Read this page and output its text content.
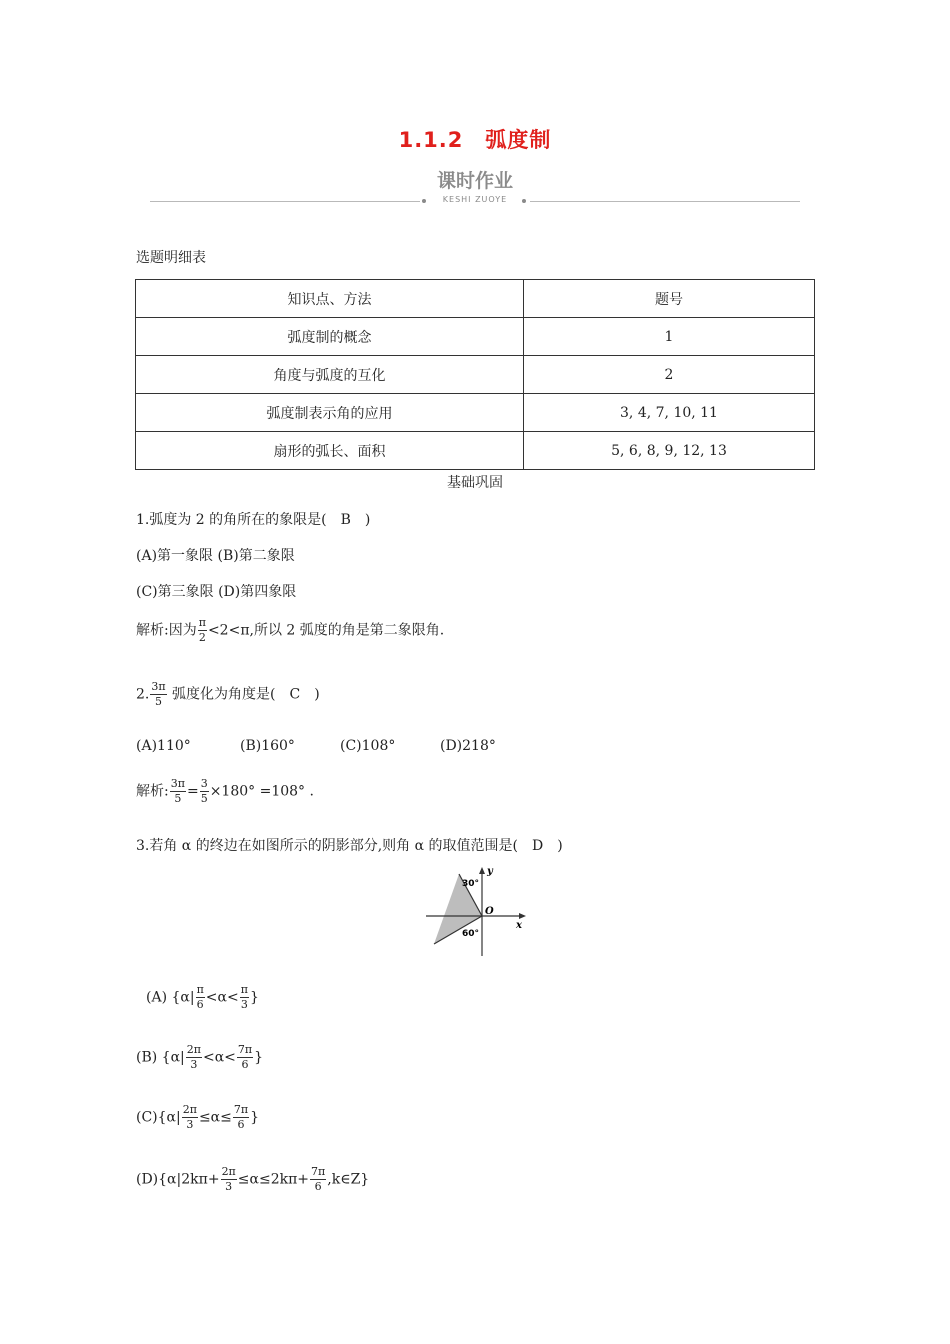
1.1.2　弧度制
课时作业
KESHI ZUOYE
选题明细表
知识点、方法	题号
弧度制的概念	1
角度与弧度的互化	2
弧度制表示角的应用	3, 4, 7, 10, 11
扇形的弧长、面积	5, 6, 8, 9, 12, 13
基础巩固
1.弧度为 2 的角所在的象限是(　B　)
(A)第一象限 (B)第二象限
(C)第三象限 (D)第四象限
解析:因为 $\frac{\pi}{2} <2<\pi$,所以 2 弧度的角是第二象限角.
2. $\frac{3\pi}{5}$ 弧度化为角度是(　C　)
(A)110°	(B)160°	(C)108°	(D)218°
解析: $\frac{3\pi}{5} = \frac{3}{5} \times 180^\circ =108^\circ$ .
3.若角 α 的终边在如图所示的阴影部分,则角 α 的取值范围是(　D　)
y
x
O
30°
60°
(A) {$\alpha| \frac{\pi}{6} <\alpha< \frac{\pi}{3}$ }
(B) {$\alpha| \frac{2\pi}{3} <\alpha< \frac{7\pi}{6}$ }
$(C)\{\alpha| \frac{2\pi}{3} \le\alpha\le \frac{7\pi}{6}$ }
$(D)\{\alpha|2k\pi+ \frac{2\pi}{3} \le\alpha\le 2k\pi+ \frac{7\pi}{6}$ ,k∈Z}
